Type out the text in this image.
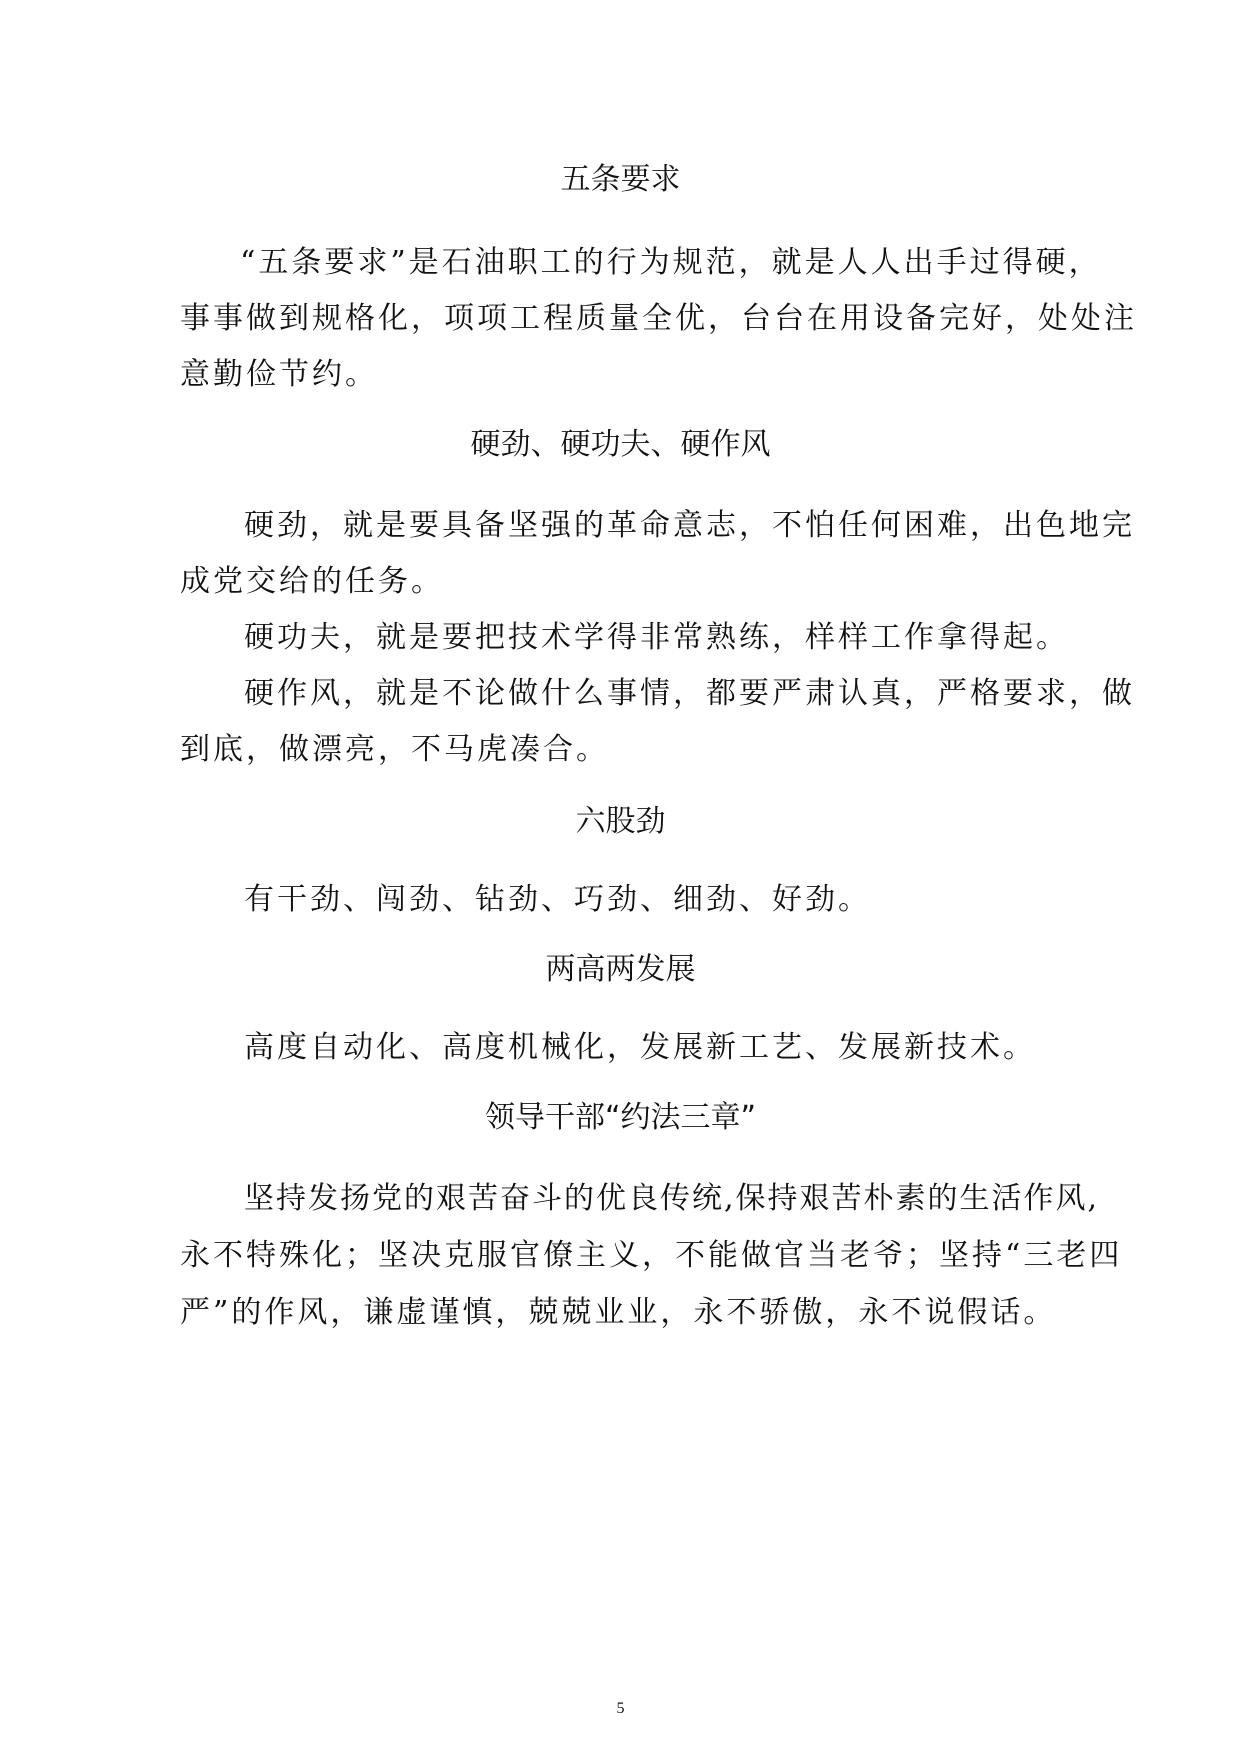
五条要求
“五条要求”是石油职工的行为规范，就是人人出手过得硬，
事事做到规格化，项项工程质量全优，台台在用设备完好，处处注
意勤俭节约。
硬劲、硬功夫、硬作风
硬劲，就是要具备坚强的革命意志，不怕任何困难，出色地完
成党交给的任务。
硬功夫，就是要把技术学得非常熟练，样样工作拿得起。
硬作风，就是不论做什么事情，都要严肃认真，严格要求，做
到底，做漂亮，不马虎凑合。
六股劲
有干劲、闯劲、钻劲、巧劲、细劲、好劲。
两高两发展
高度自动化、高度机械化，发展新工艺、发展新技术。
领导干部“约法三章”
坚持发扬党的艰苦奋斗的优良传统,保持艰苦朴素的生活作风,
永不特殊化；坚决克服官僚主义，不能做官当老爷；坚持“三老四
严”的作风，谦虚谨慎，兢兢业业，永不骄傲，永不说假话。
5
